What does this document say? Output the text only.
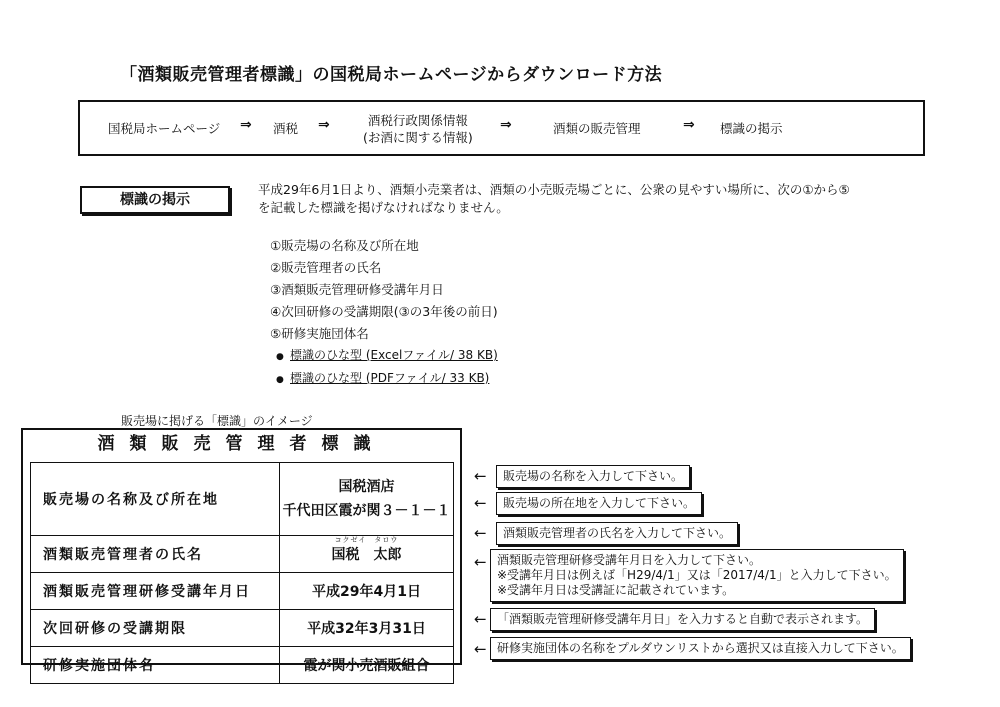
「酒類販売管理者標識」の国税局ホームページからダウンロード方法
国税局ホームページ ⇒ 酒税 ⇒	酒税行政関係情報
(お酒に関する情報)
⇒	酒類の販売管理	⇒ 標識の掲示
標識の掲示
平成29年6月1日より、酒類小売業者は、酒類の小売販売場ごとに、公衆の見やすい場所に、次の①から⑤を記載した標識を掲げなければなりません。
①販売場の名称及び所在地
②販売管理者の氏名
③酒類販売管理研修受講年月日
④次回研修の受講期限(③の3年後の前日)
⑤研修実施団体名
● 標識のひな型 (Excelファイル/ 38 KB)
● 標識のひな型 (PDFファイル/ 33 KB)
販売場に掲げる「標識」のイメージ
酒類販売管理者標識
販売場の名称及び所在地	国税酒店
千代田区霞が関３－１－１

酒類販売管理者の氏名	コクゼイ　タロウ
国税　太郎
酒類販売管理研修受講年月日	平成29年4月1日
次回研修の受講期限	平成32年3月31日
研修実施団体名	霞が関小売酒販組合
←	販売場の名称を入力して下さい。
←	販売場の所在地を入力して下さい。
←	酒類販売管理者の氏名を入力して下さい。
← 酒類販売管理研修受講年月日を入力して下さい。
※受講年月日は例えば「H29/4/1」又は「2017/4/1」と入力して下さい。
※受講年月日は受講証に記載されています。
← 「酒類販売管理研修受講年月日」を入力すると自動で表示されます。
← 研修実施団体の名称をプルダウンリストから選択又は直接入力して下さい。
